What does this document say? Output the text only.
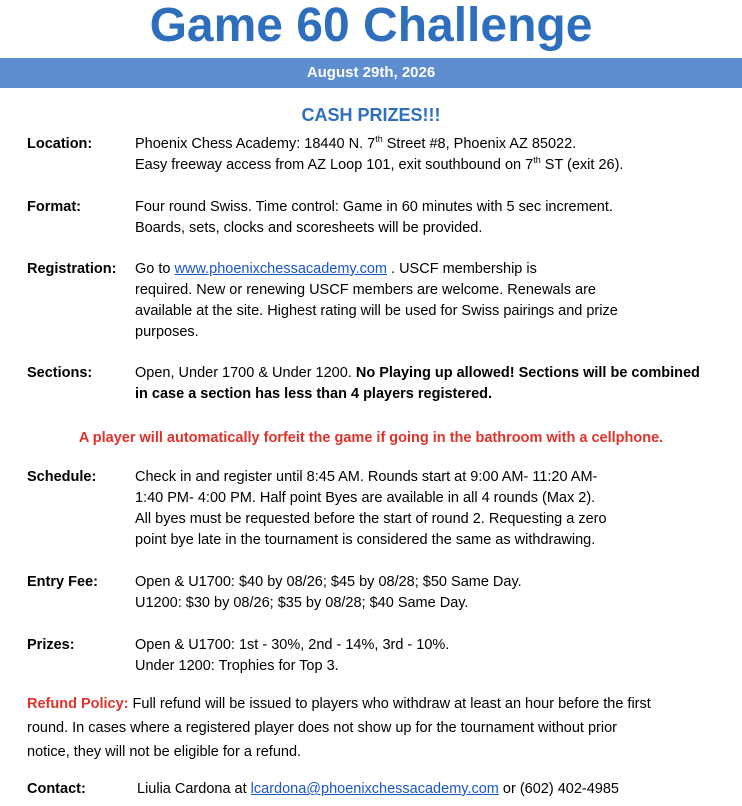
Game 60 Challenge
August 29th, 2026
CASH PRIZES!!!
Location:	Phoenix Chess Academy: 18440 N. 7th Street #8, Phoenix AZ 85022.
Easy freeway access from AZ Loop 101, exit southbound on 7th ST (exit 26).
Format:	Four round Swiss. Time control: Game in 60 minutes with 5 sec increment.
Boards, sets, clocks and scoresheets will be provided.
Registration: Go to www.phoenixchessacademy.com . USCF membership is
required. New or renewing USCF members are welcome. Renewals are
available at the site. Highest rating will be used for Swiss pairings and prize
purposes.
Sections:	Open, Under 1700 & Under 1200. No Playing up allowed! Sections will be combined
in case a section has less than 4 players registered.
A player will automatically forfeit the game if going in the bathroom with a cellphone.
Schedule:	Check in and register until 8:45 AM. Rounds start at 9:00 AM- 11:20 AM-
1:40 PM- 4:00 PM. Half point Byes are available in all 4 rounds (Max 2).
All byes must be requested before the start of round 2. Requesting a zero
point bye late in the tournament is considered the same as withdrawing.
Entry Fee:	Open & U1700: $40 by 08/26; $45 by 08/28; $50 Same Day.
U1200: $30 by 08/26; $35 by 08/28; $40 Same Day.
Prizes:	Open & U1700: 1st - 30%, 2nd - 14%, 3rd - 10%.
Under 1200: Trophies for Top 3.
Refund Policy: Full refund will be issued to players who withdraw at least an hour before the first
round. In cases where a registered player does not show up for the tournament without prior
notice, they will not be eligible for a refund.
Contact:	Liulia Cardona at lcardona@phoenixchessacademy.com or (602) 402-4985
